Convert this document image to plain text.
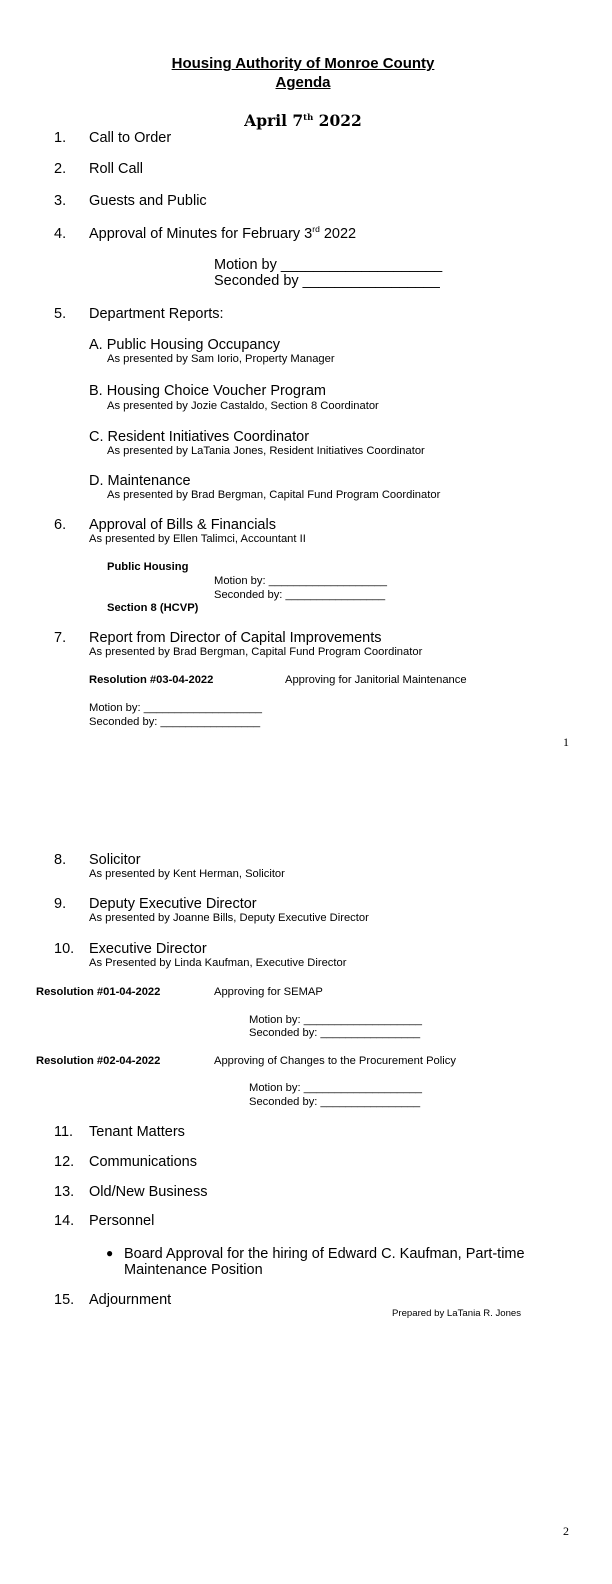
Housing Authority of Monroe County
Agenda
April 7th 2022
1. Call to Order
2. Roll Call
3. Guests and Public
4. Approval of Minutes for February 3rd 2022
Motion by ____________________
Seconded by _________________
5. Department Reports:
A. Public Housing Occupancy
As presented by Sam Iorio, Property Manager
B. Housing Choice Voucher Program
As presented by Jozie Castaldo, Section 8 Coordinator
C. Resident Initiatives Coordinator
As presented by LaTania Jones, Resident Initiatives Coordinator
D. Maintenance
As presented by Brad Bergman, Capital Fund Program Coordinator
6. Approval of Bills & Financials
As presented by Ellen Talimci, Accountant II
Public Housing
Motion by: ___________________
Seconded by: ________________
Section 8 (HCVP)
7. Report from Director of Capital Improvements
As presented by Brad Bergman, Capital Fund Program Coordinator
Resolution #03-04-2022	Approving for Janitorial Maintenance
Motion by: ___________________
Seconded by: ________________
1
8. Solicitor
As presented by Kent Herman, Solicitor
9. Deputy Executive Director
As presented by Joanne Bills, Deputy Executive Director
10. Executive Director
As Presented by Linda Kaufman, Executive Director
Resolution #01-04-2022	Approving for SEMAP
Motion by: ___________________
Seconded by: ________________
Resolution #02-04-2022	Approving of Changes to the Procurement Policy
Motion by: ___________________
Seconded by: ________________
11. Tenant Matters
12. Communications
13. Old/New Business
14. Personnel
● Board Approval for the hiring of Edward C. Kaufman, Part-time
Maintenance Position
15. Adjournment
Prepared by LaTania R. Jones
2
